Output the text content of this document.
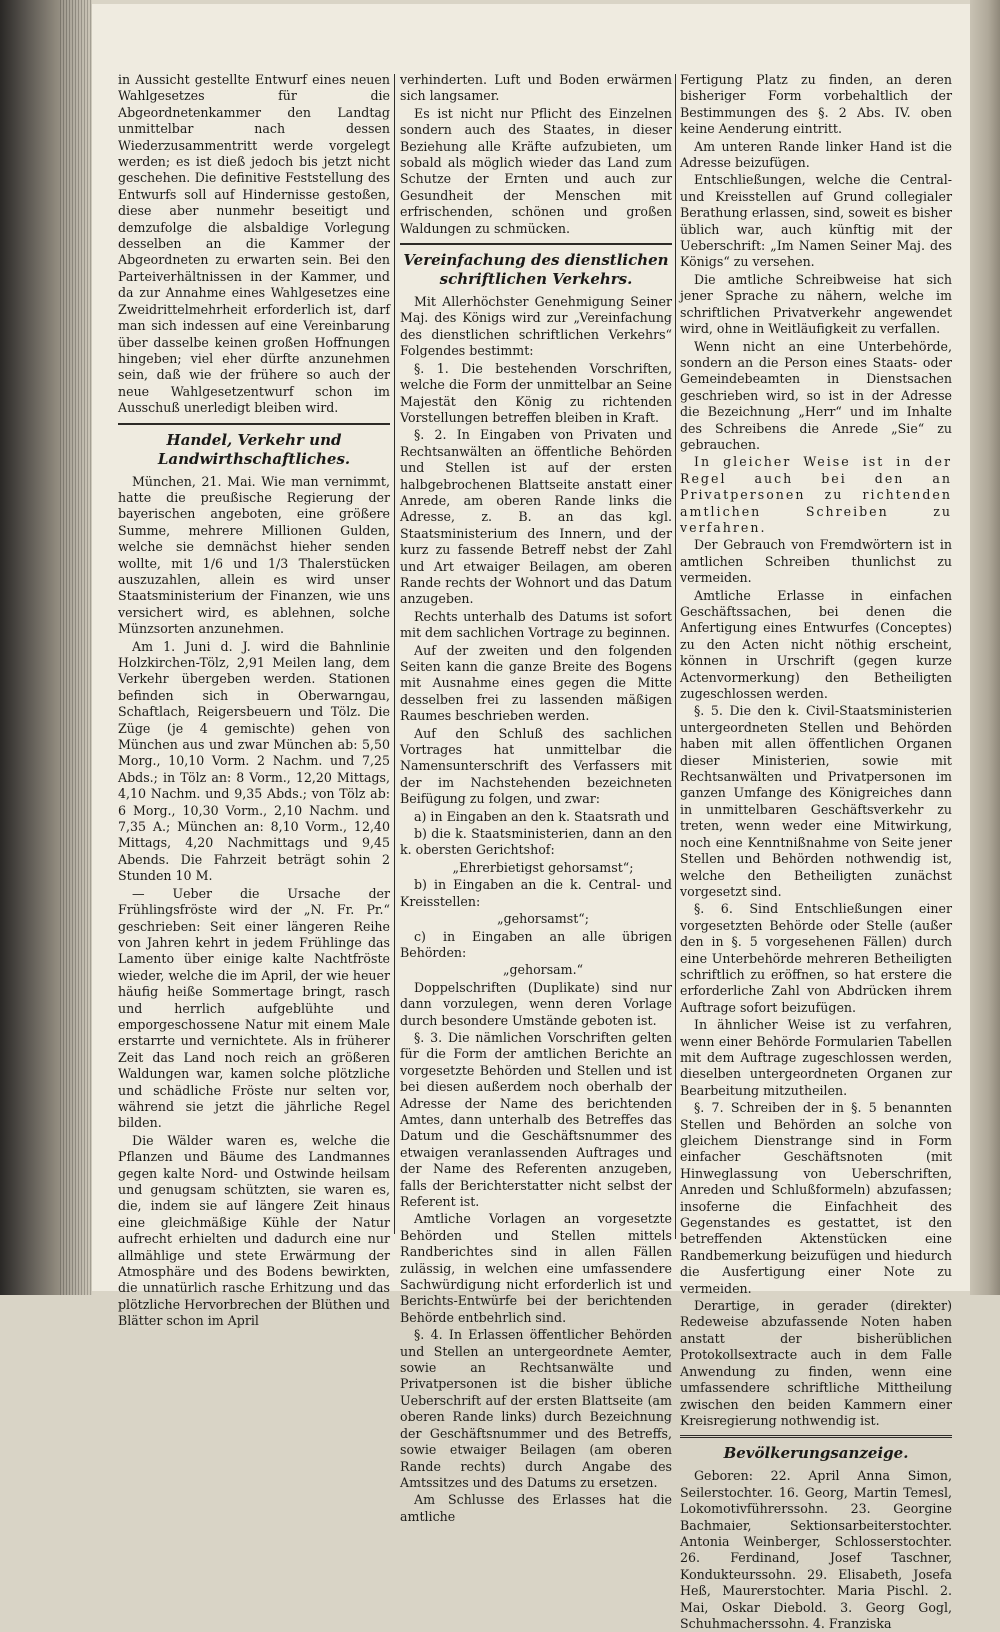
in Aussicht gestellte Entwurf eines neuen Wahlgesetzes für die Abgeordnetenkammer den Landtag unmittelbar nach dessen Wiederzusammentritt werde vorgelegt werden; es ist dieß jedoch bis jetzt nicht geschehen. Die definitive Feststellung des Entwurfs soll auf Hindernisse gestoßen, diese aber nunmehr beseitigt und demzufolge die alsbaldige Vorlegung desselben an die Kammer der Abgeordneten zu erwarten sein. Bei den Parteiverhältnissen in der Kammer, und da zur Annahme eines Wahlgesetzes eine Zweidrittelmehrheit erforderlich ist, darf man sich indessen auf eine Vereinbarung über dasselbe keinen großen Hoffnungen hingeben; viel eher dürfte anzunehmen sein, daß wie der frühere so auch der neue Wahlgesetzentwurf schon im Ausschuß unerledigt bleiben wird.

Handel, Verkehr und Landwirthschaftliches.

München, 21. Mai. Wie man vernimmt, hatte die preußische Regierung der bayerischen angeboten, eine größere Summe, mehrere Millionen Gulden, welche sie demnächst hieher senden wollte, mit 1/6 und 1/3 Thalerstücken auszuzahlen, allein es wird unser Staatsministerium der Finanzen, wie uns versichert wird, es ablehnen, solche Münzsorten anzunehmen.

Am 1. Juni d. J. wird die Bahnlinie Holzkirchen-Tölz, 2,91 Meilen lang, dem Verkehr übergeben werden. Stationen befinden sich in Oberwarngau, Schaftlach, Reigersbeuern und Tölz. Die Züge (je 4 gemischte) gehen von München aus und zwar München ab: 5,50 Morg., 10,10 Vorm. 2 Nachm. und 7,25 Abds.; in Tölz an: 8 Vorm., 12,20 Mittags, 4,10 Nachm. und 9,35 Abds.; von Tölz ab: 6 Morg., 10,30 Vorm., 2,10 Nachm. und 7,35 A.; München an: 8,10 Vorm., 12,40 Mittags, 4,20 Nachmittags und 9,45 Abends. Die Fahrzeit beträgt sohin 2 Stunden 10 M.

— Ueber die Ursache der Frühlingsfröste wird der „N. Fr. Pr.“ geschrieben: Seit einer längeren Reihe von Jahren kehrt in jedem Frühlinge das Lamento über einige kalte Nachtfröste wieder, welche die im April, der wie heuer häufig heiße Sommertage bringt, rasch und herrlich aufgeblühte und emporgeschossene Natur mit einem Male erstarrte und vernichtete. Als in früherer Zeit das Land noch reich an größeren Waldungen war, kamen solche plötzliche und schädliche Fröste nur selten vor, während sie jetzt die jährliche Regel bilden.

Die Wälder waren es, welche die Pflanzen und Bäume des Landmannes gegen kalte Nord- und Ostwinde heilsam und genugsam schützten, sie waren es, die, indem sie auf längere Zeit hinaus eine gleichmäßige Kühle der Natur aufrecht erhielten und dadurch eine nur allmählige und stete Erwärmung der Atmosphäre und des Bodens bewirkten, die unnatürlich rasche Erhitzung und das plötzliche Hervorbrechen der Blüthen und Blätter schon im April

verhinderten. Luft und Boden erwärmen sich langsamer.

Es ist nicht nur Pflicht des Einzelnen sondern auch des Staates, in dieser Beziehung alle Kräfte aufzubieten, um sobald als möglich wieder das Land zum Schutze der Ernten und auch zur Gesundheit der Menschen mit erfrischenden, schönen und großen Waldungen zu schmücken.

Vereinfachung des dienstlichen schriftlichen Verkehrs.

Mit Allerhöchster Genehmigung Seiner Maj. des Königs wird zur „Vereinfachung des dienstlichen schriftlichen Verkehrs“ Folgendes bestimmt:

§. 1. Die bestehenden Vorschriften, welche die Form der unmittelbar an Seine Majestät den König zu richtenden Vorstellungen betreffen bleiben in Kraft.

§. 2. In Eingaben von Privaten und Rechtsanwälten an öffentliche Behörden und Stellen ist auf der ersten halbgebrochenen Blattseite anstatt einer Anrede, am oberen Rande links die Adresse, z. B. an das kgl. Staatsministerium des Innern, und der kurz zu fassende Betreff nebst der Zahl und Art etwaiger Beilagen, am oberen Rande rechts der Wohnort und das Datum anzugeben.

Rechts unterhalb des Datums ist sofort mit dem sachlichen Vortrage zu beginnen.

Auf der zweiten und den folgenden Seiten kann die ganze Breite des Bogens mit Ausnahme eines gegen die Mitte desselben frei zu lassenden mäßigen Raumes beschrieben werden.

Auf den Schluß des sachlichen Vortrages hat unmittelbar die Namensunterschrift des Verfassers mit der im Nachstehenden bezeichneten Beifügung zu folgen, und zwar:

a) in Eingaben an den k. Staatsrath und

b) die k. Staatsministerien, dann an den k. obersten Gerichtshof:

„Ehrerbietigst gehorsamst“;

b) in Eingaben an die k. Central- und Kreisstellen:

„gehorsamst“;

c) in Eingaben an alle übrigen Behörden:

„gehorsam.“

Doppelschriften (Duplikate) sind nur dann vorzulegen, wenn deren Vorlage durch besondere Umstände geboten ist.

§. 3. Die nämlichen Vorschriften gelten für die Form der amtlichen Berichte an vorgesetzte Behörden und Stellen und ist bei diesen außerdem noch oberhalb der Adresse der Name des berichtenden Amtes, dann unterhalb des Betreffes das Datum und die Geschäftsnummer des etwaigen veranlassenden Auftrages und der Name des Referenten anzugeben, falls der Berichterstatter nicht selbst der Referent ist.

Amtliche Vorlagen an vorgesetzte Behörden und Stellen mittels Randberichtes sind in allen Fällen zulässig, in welchen eine umfassendere Sachwürdigung nicht erforderlich ist und Berichts-Entwürfe bei der berichtenden Behörde entbehrlich sind.

§. 4. In Erlassen öffentlicher Behörden und Stellen an untergeordnete Aemter, sowie an Rechtsanwälte und Privatpersonen ist die bisher übliche Ueberschrift auf der ersten Blattseite (am oberen Rande links) durch Bezeichnung der Geschäftsnummer und des Betreffs, sowie etwaiger Beilagen (am oberen Rande rechts) durch Angabe des Amtssitzes und des Datums zu ersetzen.

Am Schlusse des Erlasses hat die amtliche

Fertigung Platz zu finden, an deren bisheriger Form vorbehaltlich der Bestimmungen des §. 2 Abs. IV. oben keine Aenderung eintritt.

Am unteren Rande linker Hand ist die Adresse beizufügen.

Entschließungen, welche die Central- und Kreisstellen auf Grund collegialer Berathung erlassen, sind, soweit es bisher üblich war, auch künftig mit der Ueberschrift: „Im Namen Seiner Maj. des Königs“ zu versehen.

Die amtliche Schreibweise hat sich jener Sprache zu nähern, welche im schriftlichen Privatverkehr angewendet wird, ohne in Weitläufigkeit zu verfallen.

Wenn nicht an eine Unterbehörde, sondern an die Person eines Staats- oder Gemeindebeamten in Dienstsachen geschrieben wird, so ist in der Adresse die Bezeichnung „Herr“ und im Inhalte des Schreibens die Anrede „Sie“ zu gebrauchen.

In gleicher Weise ist in der Regel auch bei den an Privatpersonen zu richtenden amtlichen Schreiben zu verfahren.

Der Gebrauch von Fremdwörtern ist in amtlichen Schreiben thunlichst zu vermeiden.

Amtliche Erlasse in einfachen Geschäftssachen, bei denen die Anfertigung eines Entwurfes (Conceptes) zu den Acten nicht nöthig erscheint, können in Urschrift (gegen kurze Actenvormerkung) den Betheiligten zugeschlossen werden.

§. 5. Die den k. Civil-Staatsministerien untergeordneten Stellen und Behörden haben mit allen öffentlichen Organen dieser Ministerien, sowie mit Rechtsanwälten und Privatpersonen im ganzen Umfange des Königreiches dann in unmittelbaren Geschäftsverkehr zu treten, wenn weder eine Mitwirkung, noch eine Kenntnißnahme von Seite jener Stellen und Behörden nothwendig ist, welche den Betheiligten zunächst vorgesetzt sind.

§. 6. Sind Entschließungen einer vorgesetzten Behörde oder Stelle (außer den in §. 5 vorgesehenen Fällen) durch eine Unterbehörde mehreren Betheiligten schriftlich zu eröffnen, so hat erstere die erforderliche Zahl von Abdrücken ihrem Auftrage sofort beizufügen.

In ähnlicher Weise ist zu verfahren, wenn einer Behörde Formularien Tabellen mit dem Auftrage zugeschlossen werden, dieselben untergeordneten Organen zur Bearbeitung mitzutheilen.

§. 7. Schreiben der in §. 5 benannten Stellen und Behörden an solche von gleichem Dienstrange sind in Form einfacher Geschäftsnoten (mit Hinweglassung von Ueberschriften, Anreden und Schlußformeln) abzufassen; insoferne die Einfachheit des Gegenstandes es gestattet, ist den betreffenden Aktenstücken eine Randbemerkung beizufügen und hiedurch die Ausfertigung einer Note zu vermeiden.

Derartige, in gerader (direkter) Redeweise abzufassende Noten haben anstatt der bisherüblichen Protokollsextracte auch in dem Falle Anwendung zu finden, wenn eine umfassendere schriftliche Mittheilung zwischen den beiden Kammern einer Kreisregierung nothwendig ist.

Bevölkerungsanzeige.

Geboren: 22. April Anna Simon, Seilerstochter. 16. Georg, Martin Temesl, Lokomotivführerssohn. 23. Georgine Bachmaier, Sektionsarbeiterstochter. Antonia Weinberger, Schlosserstochter. 26. Ferdinand, Josef Taschner, Kondukteurssohn. 29. Elisabeth, Josefa Heß, Maurerstochter. Maria Pischl. 2. Mai, Oskar Diebold. 3. Georg Gogl, Schuhmacherssohn. 4. Franziska
